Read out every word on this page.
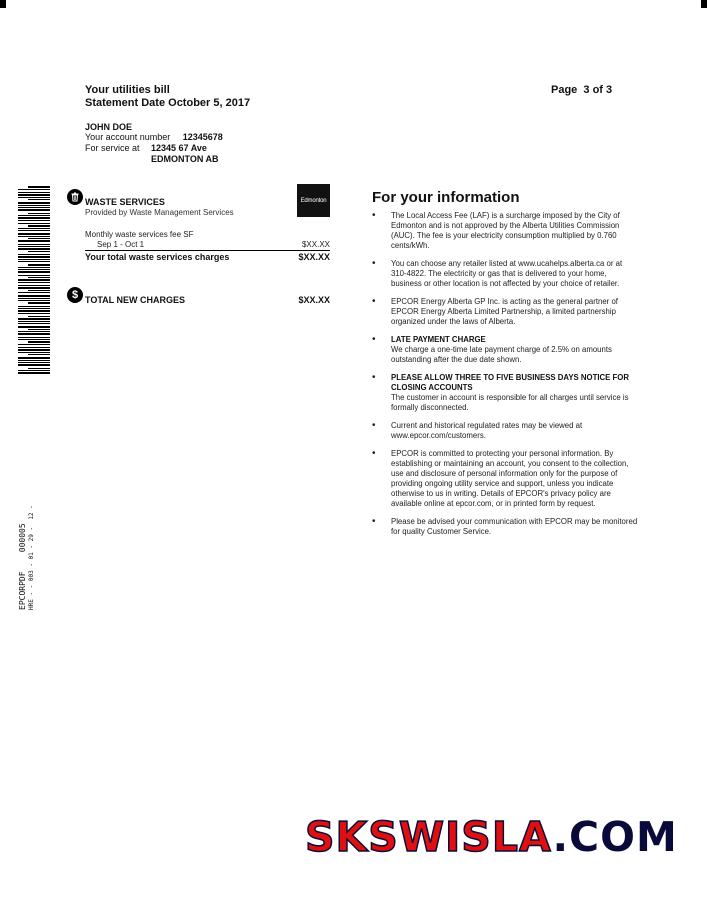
Your utilities bill
Statement Date October 5, 2017
Page  3 of 3
JOHN DOE
Your account number 12345678
For service at	12345 67 Ave
EDMONTON AB
EPCORPDF    000005 HRE - - 003 - 01 - 29 -  12 -
WASTE SERVICES
Provided by Waste Management Services
Edmonton
Monthly waste services fee SF
Sep 1 - Oct 1	$XX.XX
Your total waste services charges	$XX.XX
$ TOTAL NEW CHARGES	$XX.XX
For your information
• The Local Access Fee (LAF) is a surcharge imposed by the City of Edmonton and is not approved by the Alberta Utilities Commission (AUC). The fee is your electricity consumption multiplied by 0.760 cents/kWh.
• You can choose any retailer listed at www.ucahelps.alberta.ca or at 310-4822. The electricity or gas that is delivered to your home, business or other location is not affected by your choice of retailer.
• EPCOR Energy Alberta GP Inc. is acting as the general partner of EPCOR Energy Alberta Limited Partnership, a limited partnership organized under the laws of Alberta.
• LATE PAYMENT CHARGE
We charge a one-time late payment charge of 2.5% on amounts outstanding after the due date shown.
• PLEASE ALLOW THREE TO FIVE BUSINESS DAYS NOTICE FOR CLOSING ACCOUNTS
The customer in account is responsible for all charges until service is formally disconnected.
• Current and historical regulated rates may be viewed at www.epcor.com/customers.
• EPCOR is committed to protecting your personal information. By establishing or maintaining an account, you consent to the collection, use and disclosure of personal information only for the purpose of providing ongoing utility service and support, unless you indicate otherwise to us in writing. Details of EPCOR's privacy policy are available online at epcor.com, or in printed form by request.
• Please be advised your communication with EPCOR may be monitored for quality Customer Service.
SKSWISLA.COM
